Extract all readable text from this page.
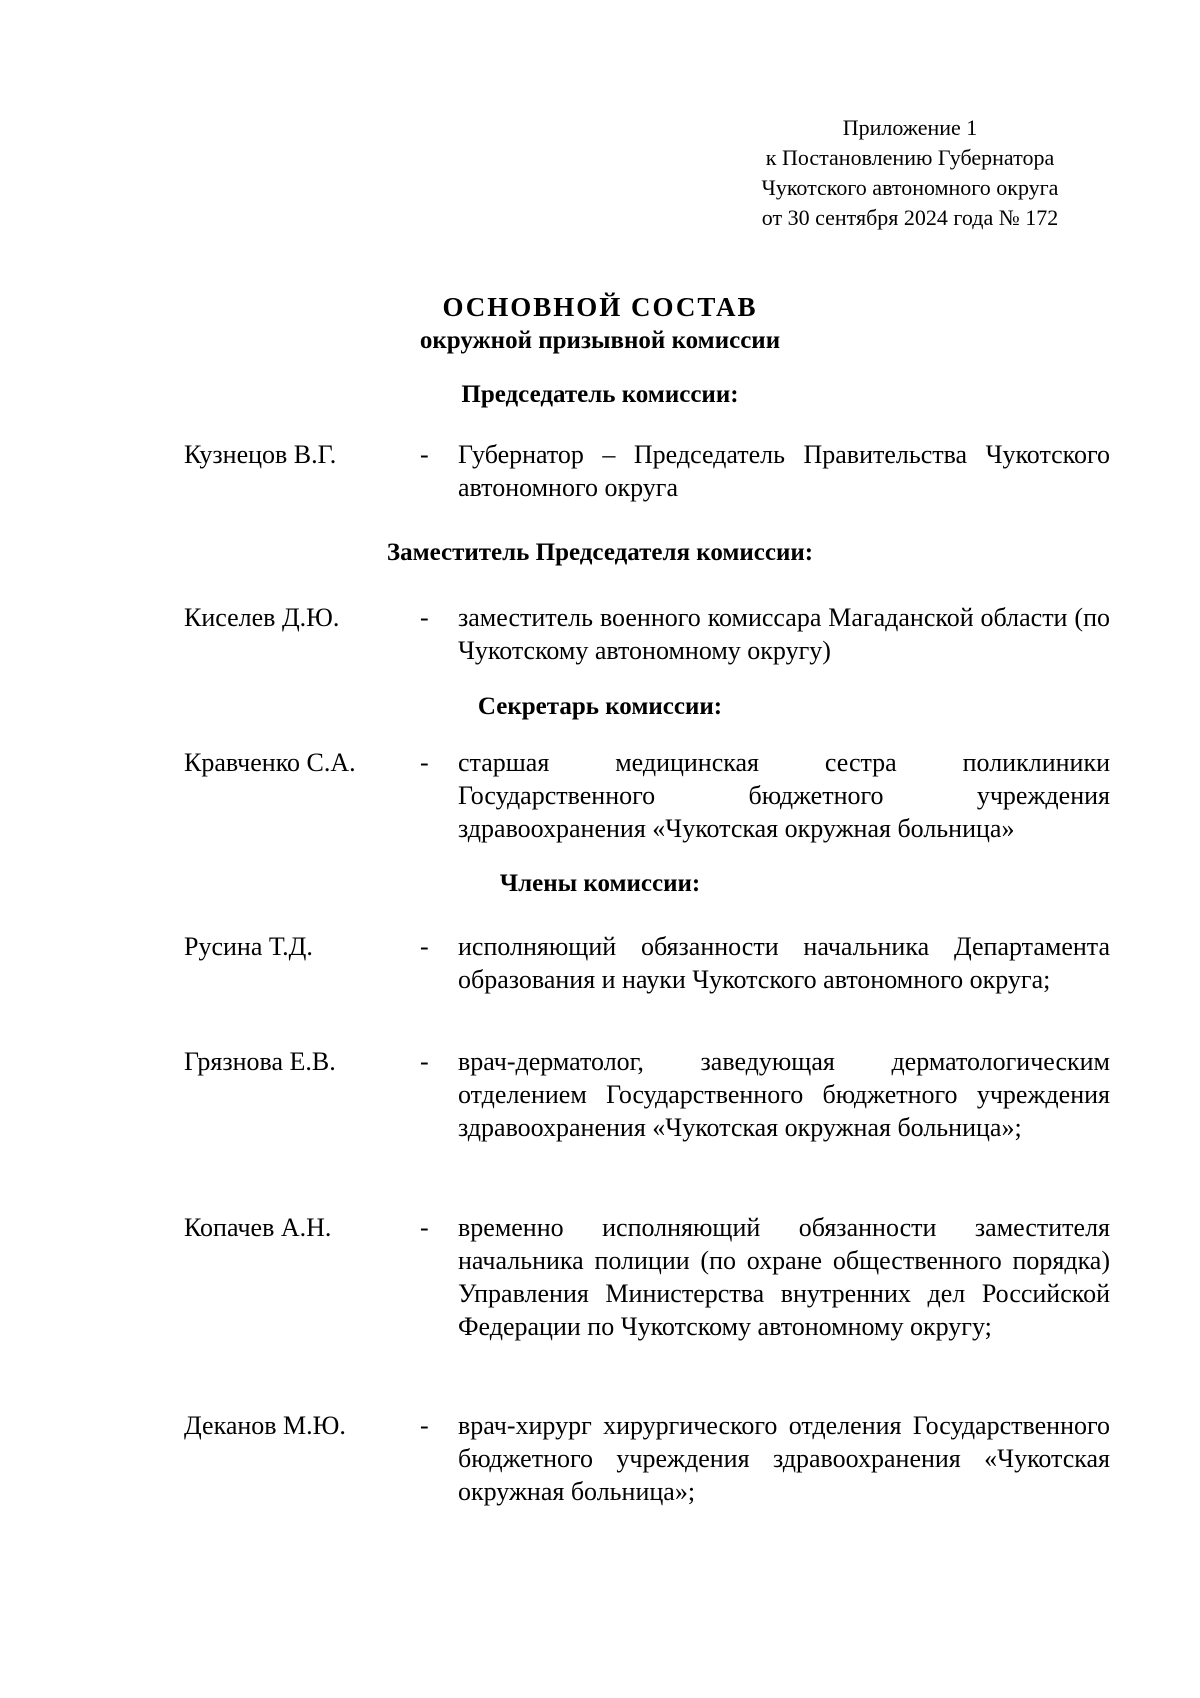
Приложение 1
к Постановлению Губернатора
Чукотского автономного округа
от 30 сентября 2024 года № 172
ОСНОВНОЙ СОСТАВ
окружной призывной комиссии
Председатель комиссии:
Кузнецов В.Г.	- Губернатор – Председатель Правительства Чукотского автономного округа
Заместитель Председателя комиссии:
Киселев Д.Ю.	- заместитель военного комиссара Магаданской области (по Чукотскому автономному округу)
Секретарь комиссии:
Кравченко С.А. - старшая медицинская сестра поликлиники Государственного бюджетного учреждения здравоохранения «Чукотская окружная больница»
Члены комиссии:
Русина Т.Д.	- исполняющий обязанности начальника Департамента образования и науки Чукотского автономного округа;
Грязнова Е.В.	- врач-дерматолог, заведующая дерматологическим отделением Государственного бюджетного учреждения здравоохранения «Чукотская окружная больница»;
Копачев А.Н.	- временно исполняющий обязанности заместителя начальника полиции (по охране общественного порядка) Управления Министерства внутренних дел Российской Федерации по Чукотскому автономному округу;
Деканов М.Ю.	- врач-хирург хирургического отделения Государственного бюджетного учреждения здравоохранения «Чукотская окружная больница»;
